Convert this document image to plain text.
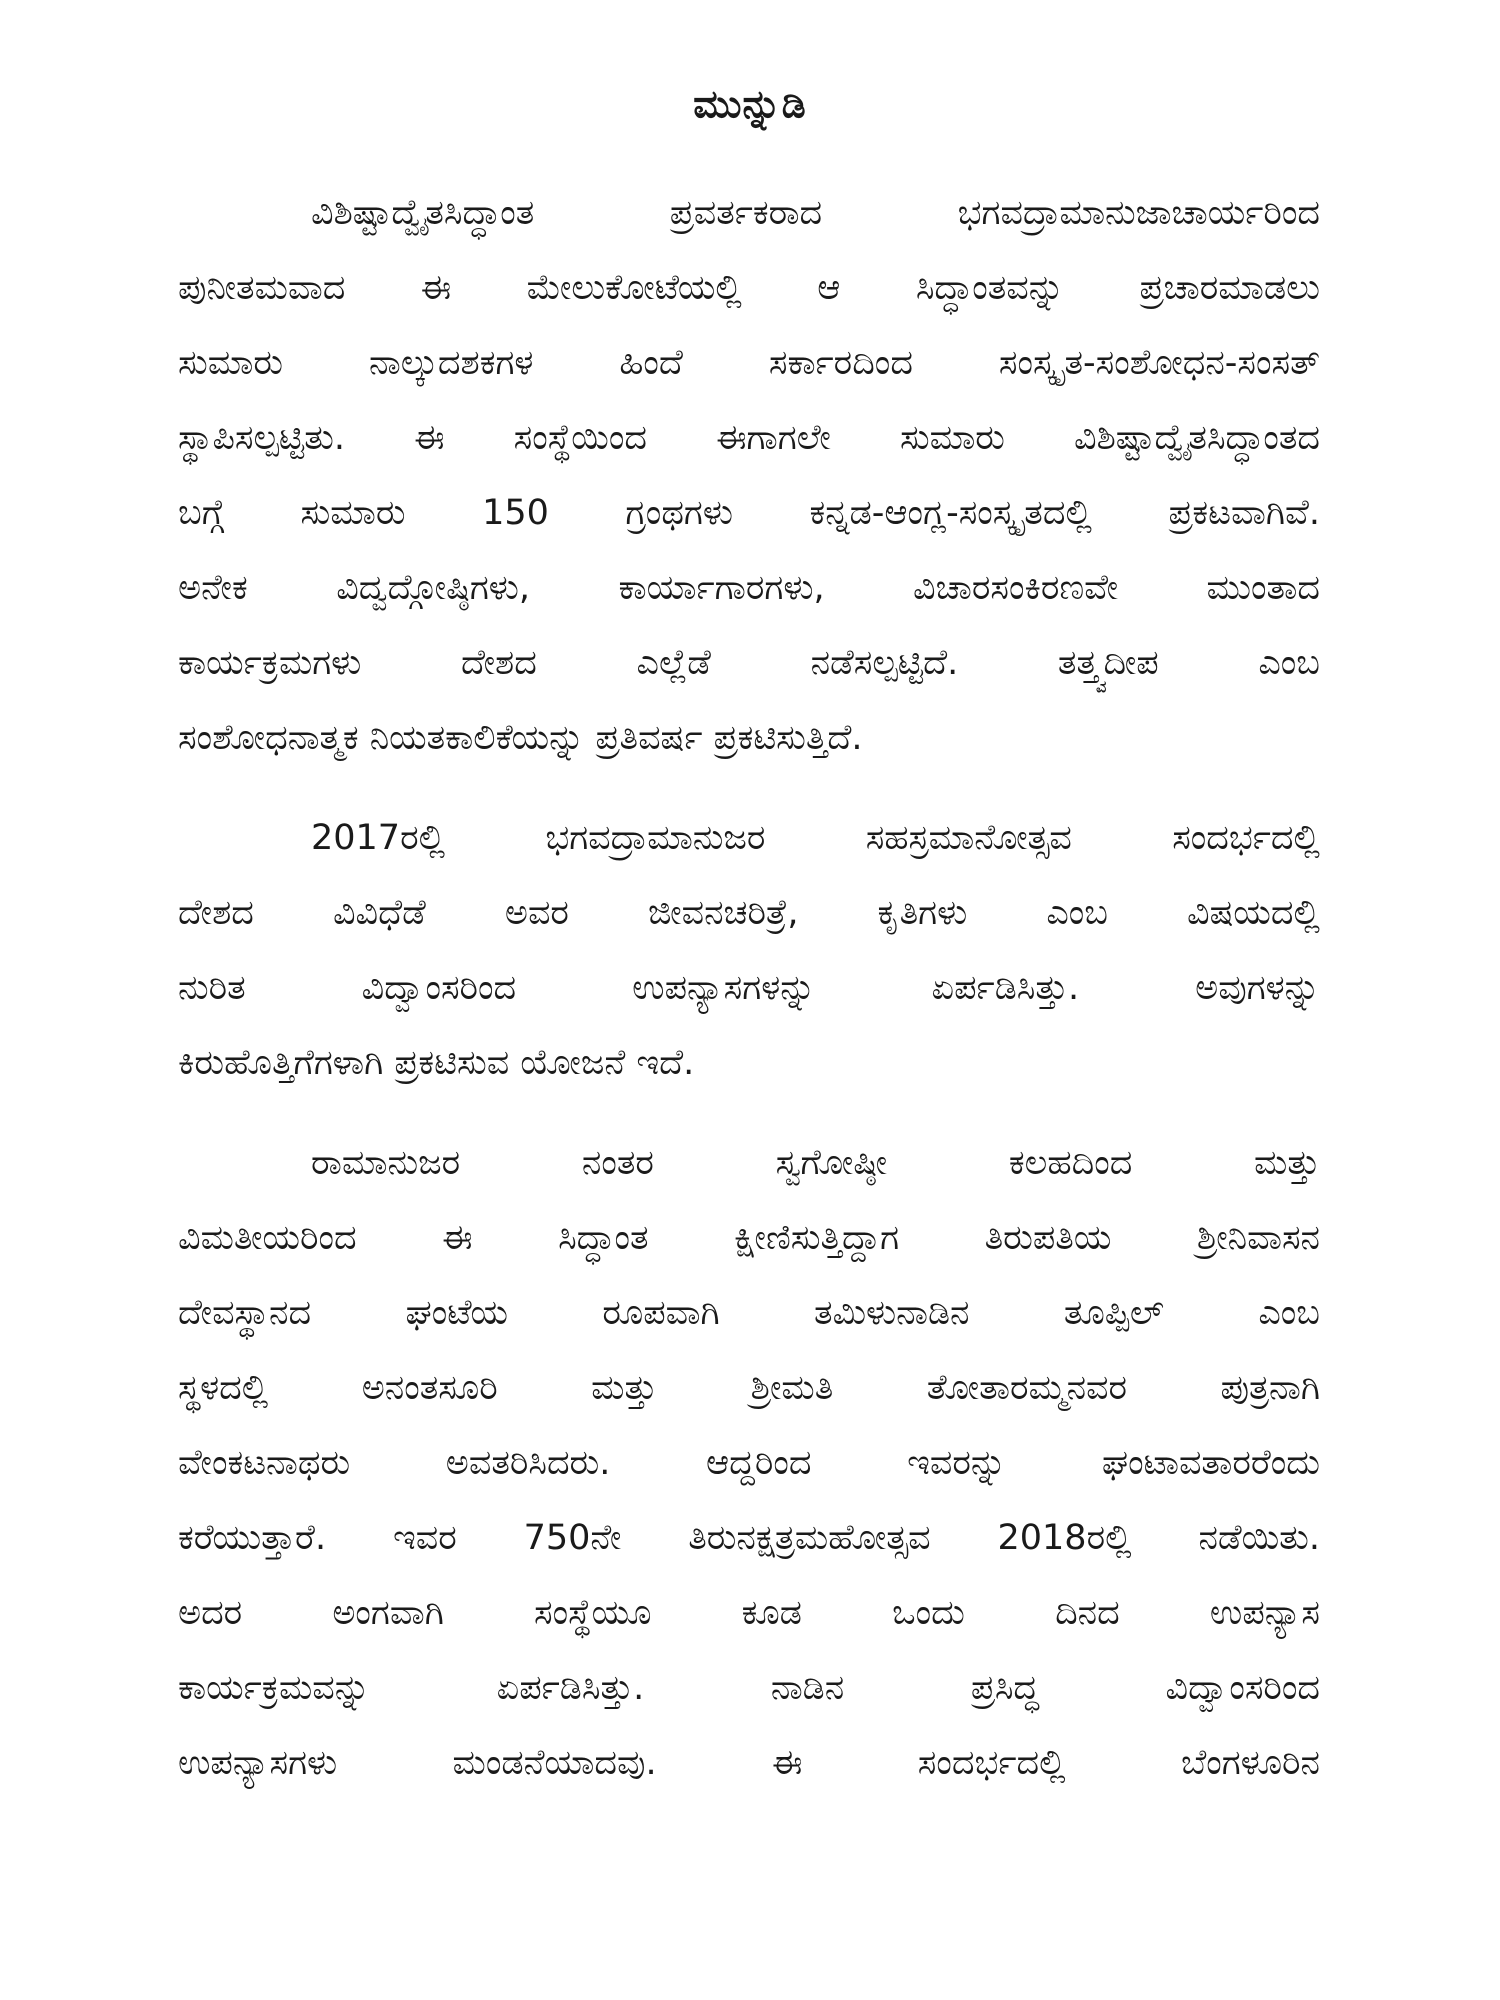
ಮುನ್ನುಡಿ

ವಿಶಿಷ್ಟಾದ್ವೈತಸಿದ್ಧಾಂತ ಪ್ರವರ್ತಕರಾದ ಭಗವದ್ರಾಮಾನುಜಾಚಾರ್ಯರಿಂದ
ಪುನೀತಮವಾದ ಈ ಮೇಲುಕೋಟೆಯಲ್ಲಿ ಆ ಸಿದ್ಧಾಂತವನ್ನು ಪ್ರಚಾರಮಾಡಲು
ಸುಮಾರು ನಾಲ್ಕುದಶಕಗಳ ಹಿಂದೆ ಸರ್ಕಾರದಿಂದ ಸಂಸ್ಕೃತ-ಸಂಶೋಧನ-ಸಂಸತ್
ಸ್ಥಾಪಿಸಲ್ಪಟ್ಟಿತು. ಈ ಸಂಸ್ಥೆಯಿಂದ ಈಗಾಗಲೇ ಸುಮಾರು ವಿಶಿಷ್ಟಾದ್ವೈತಸಿದ್ಧಾಂತದ
ಬಗ್ಗೆ ಸುಮಾರು 150 ಗ್ರಂಥಗಳು ಕನ್ನಡ-ಆಂಗ್ಲ-ಸಂಸ್ಕೃತದಲ್ಲಿ ಪ್ರಕಟವಾಗಿವೆ.
ಅನೇಕ ವಿದ್ವದ್ಗೋಷ್ಠಿಗಳು, ಕಾರ್ಯಾಗಾರಗಳು, ವಿಚಾರಸಂಕಿರಣವೇ ಮುಂತಾದ
ಕಾರ್ಯಕ್ರಮಗಳು ದೇಶದ ಎಲ್ಲೆಡೆ ನಡೆಸಲ್ಪಟ್ಟಿದೆ. ತತ್ತ್ವದೀಪ ಎಂಬ
ಸಂಶೋಧನಾತ್ಮಕ ನಿಯತಕಾಲಿಕೆಯನ್ನು ಪ್ರತಿವರ್ಷ ಪ್ರಕಟಿಸುತ್ತಿದೆ.

2017ರಲ್ಲಿ ಭಗವದ್ರಾಮಾನುಜರ ಸಹಸ್ರಮಾನೋತ್ಸವ ಸಂದರ್ಭದಲ್ಲಿ
ದೇಶದ ವಿವಿಧೆಡೆ ಅವರ ಜೀವನಚರಿತ್ರೆ, ಕೃತಿಗಳು ಎಂಬ ವಿಷಯದಲ್ಲಿ
ನುರಿತ ವಿದ್ವಾಂಸರಿಂದ ಉಪನ್ಯಾಸಗಳನ್ನು ಏರ್ಪಡಿಸಿತ್ತು. ಅವುಗಳನ್ನು
ಕಿರುಹೊತ್ತಿಗೆಗಳಾಗಿ ಪ್ರಕಟಿಸುವ ಯೋಜನೆ ಇದೆ.

ರಾಮಾನುಜರ ನಂತರ ಸ್ವಗೋಷ್ಠೀ ಕಲಹದಿಂದ ಮತ್ತು
ವಿಮತೀಯರಿಂದ ಈ ಸಿದ್ಧಾಂತ ಕ್ಷೀಣಿಸುತ್ತಿದ್ದಾಗ ತಿರುಪತಿಯ ಶ್ರೀನಿವಾಸನ
ದೇವಸ್ಥಾನದ ಘಂಟೆಯ ರೂಪವಾಗಿ ತಮಿಳುನಾಡಿನ ತೂಪ್ಪಿಲ್ ಎಂಬ
ಸ್ಥಳದಲ್ಲಿ ಅನಂತಸೂರಿ ಮತ್ತು ಶ್ರೀಮತಿ ತೋತಾರಮ್ಮನವರ ಪುತ್ರನಾಗಿ
ವೇಂಕಟನಾಥರು ಅವತರಿಸಿದರು. ಆದ್ದರಿಂದ ಇವರನ್ನು ಘಂಟಾವತಾರರೆಂದು
ಕರೆಯುತ್ತಾರೆ. ಇವರ 750ನೇ ತಿರುನಕ್ಷತ್ರಮಹೋತ್ಸವ 2018ರಲ್ಲಿ ನಡೆಯಿತು.
ಅದರ ಅಂಗವಾಗಿ ಸಂಸ್ಥೆಯೂ ಕೂಡ ಒಂದು ದಿನದ ಉಪನ್ಯಾಸ
ಕಾರ್ಯಕ್ರಮವನ್ನು ಏರ್ಪಡಿಸಿತ್ತು. ನಾಡಿನ ಪ್ರಸಿದ್ಧ ವಿದ್ವಾಂಸರಿಂದ
ಉಪನ್ಯಾಸಗಳು ಮಂಡನೆಯಾದವು. ಈ ಸಂದರ್ಭದಲ್ಲಿ ಬೆಂಗಳೂರಿನ
